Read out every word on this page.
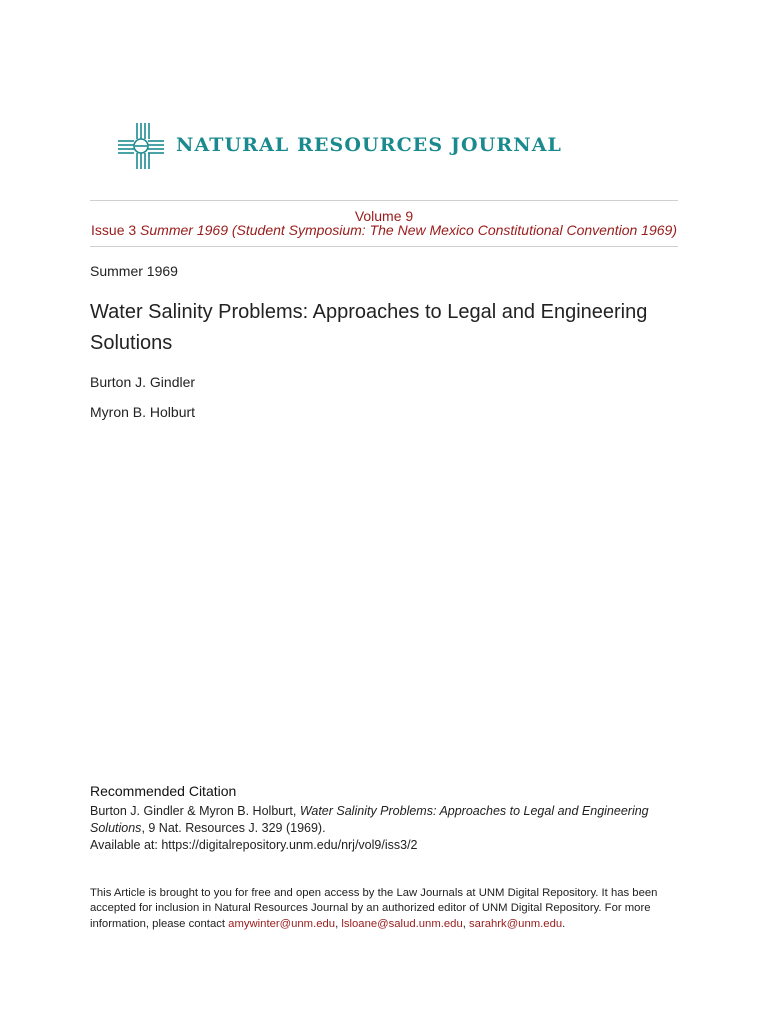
NATURAL RESOURCES JOURNAL
Volume 9
Issue 3 Summer 1969 (Student Symposium: The New Mexico Constitutional Convention 1969)
Summer 1969
Water Salinity Problems: Approaches to Legal and Engineering Solutions
Burton J. Gindler
Myron B. Holburt
Recommended Citation
Burton J. Gindler & Myron B. Holburt, Water Salinity Problems: Approaches to Legal and Engineering Solutions, 9 Nat. Resources J. 329 (1969).
Available at: https://digitalrepository.unm.edu/nrj/vol9/iss3/2
This Article is brought to you for free and open access by the Law Journals at UNM Digital Repository. It has been accepted for inclusion in Natural Resources Journal by an authorized editor of UNM Digital Repository. For more information, please contact amywinter@unm.edu, lsloane@salud.unm.edu, sarahrk@unm.edu.
